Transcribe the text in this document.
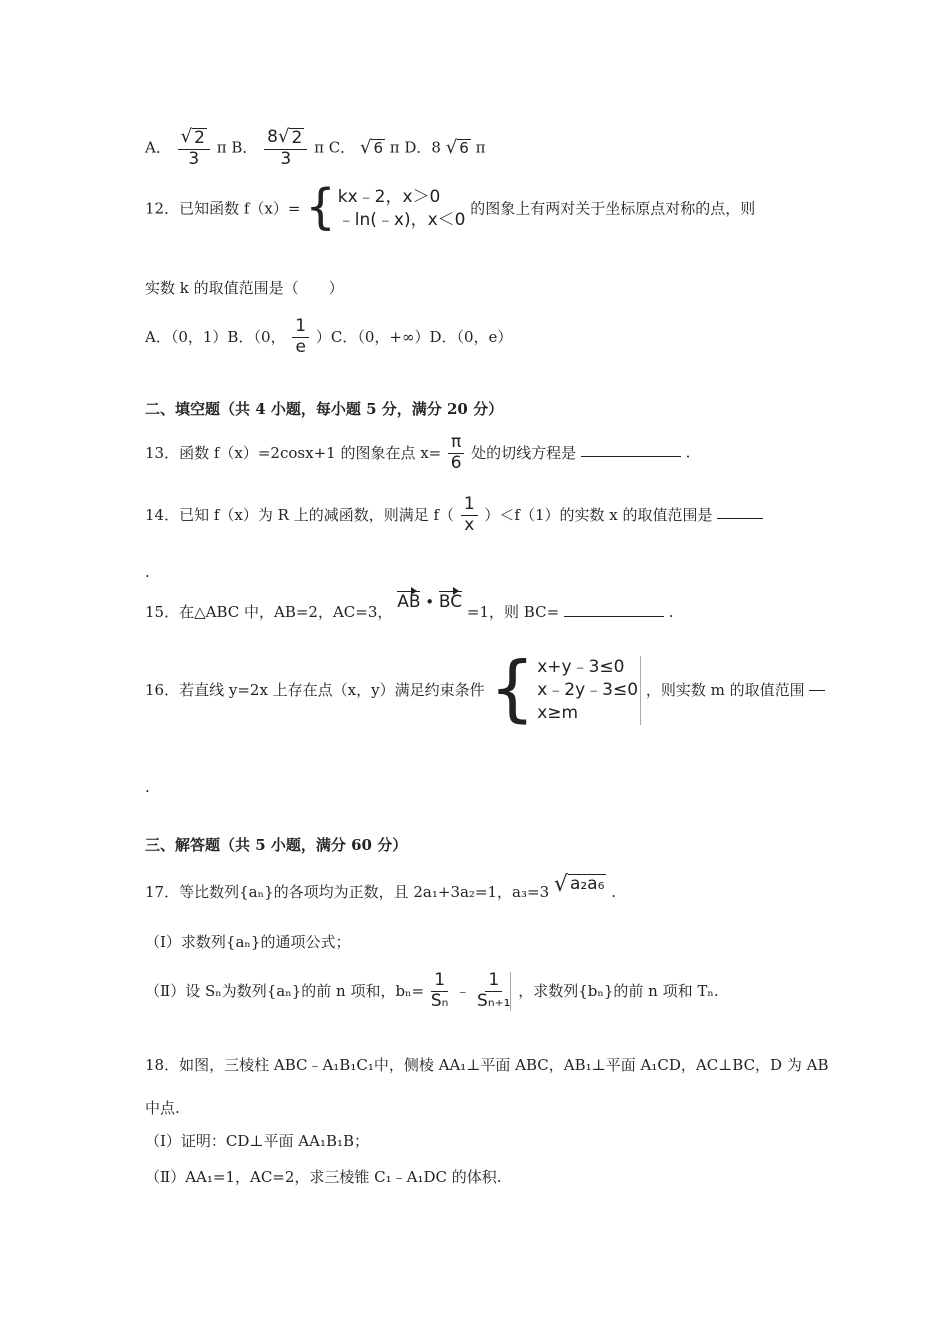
A． $\frac{√ 2}{3}$ π B． $\frac{8 √ 2}{3}$ π C． √ 6 π D．8 √ 6 π
12．已知函数 f（x）= { kx﹣2，x＞0
﹣ln(﹣x)，x＜0
的图象上有两对关于坐标原点对称的点，则
实数 k 的取值范围是（　　）
A．（0，1）B．（0， $\frac{1}{e} )C$．（0，+∞）D．（0，e）
二、填空题（共 4 小题，每小题 5 分，满分 20 分）
13．函数 f（x）=2cosx+1 的图象在点 $x= \frac{\pi}{6}$ 处的切线方程是	.
14．已知 f（x）为 R 上的减函数，则满足 $f( \frac{1}{x} )<f(1)$的实数 x 的取值范围是
.
15．在△ABC 中，AB=2，AC=3， AB • BC =1，则 BC=	.
16．若直线 y=2x 上存在点（x，y）满足约束条件 { x+y﹣3≤0
x﹣2y﹣3≤0
x≥m
，则实数 m 的取值范围
.
三、解答题（共 5 小题，满分 60 分）
17．等比数列{aₙ}的各项均为正数，且 2a₁+3a₂=1，a₃=3 √ a₂a₆ .
（Ⅰ）求数列{aₙ}的通项公式；
（Ⅱ）设 Sₙ为数列{aₙ}的前 n 项和，$b_n= \frac{1}{\text{Sₙ}}$ ﹣ $\frac{1}{\text{Sₙ₊₁}}$ ，求数列{bₙ}的前 n 项和 Tₙ.
18．如图，三棱柱 ABC﹣A₁B₁C₁中，侧棱 AA₁⊥平面 ABC，AB₁⊥平面 A₁CD，AC⊥BC，D 为 AB
中点.
（Ⅰ）证明：CD⊥平面 AA₁B₁B；
（Ⅱ）AA₁=1，AC=2，求三棱锥 C₁﹣A₁DC 的体积.
